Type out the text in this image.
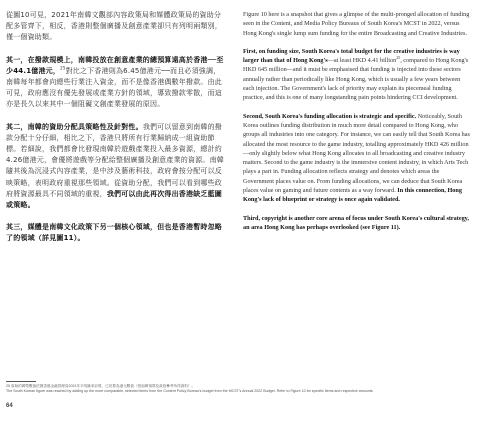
從圖10可見，2021年南韓文觀部內容政策局和媒體政策局的資助分配多管齊下，相反，香港則整個廣播及創意產業卻只有列明兩類別，僅一個資助類。

其一，在撥款規模上，南韓投放在創意產業的總預算遠高於香港──至少44.1億港元，$^{25}$對比之下香港則為6.45億港元──而且必須強調，南韓每年都會向總些行業注入資金，而不是像香港偶數年撥款。由此可見，政府應沒有優先發展或產業方針的領域，導致撥款零散，而這亦是長久以來其中一個阻礙文創產業發展的原因。

其二，南韓的資助分配具策略性及針對性。我們可以留意到南韓的撥款分配十分仔細，相比之下，香港只將所有行業歸納成一組資助節標。若細說，我們都會比發現南韓於遊戲產業投入最多資源，總計約4.26億港元，會優將遊戲等分配給整個廣播及創意產業的資源。南韓隨其後為沉浸式內容產業，是中涉及藝術科技，政府會按分配可以反映策略，表明政府重視那些領域。從資助分配，我們可以看到哪些政府將資源最具不同領域的重視，我們可以由此再次得出香港缺乏藍圖或策略。

其三，媒體是南韓文化政策下另一個核心領域，但也是香港暫時忽略了的領域（詳見圖11）。

Figure 10 here is a snapshot that gives a glimpse of the multi-pronged allocation of funding seen in the Content, and Media Policy Bureaus of South Korea's MCST in 2022, versus Hong Kong's single lump sum funding for the entire Broadcasting and Creative Industries.

First, on funding size, South Korea's total budget for the creative industries is way larger than that of Hong Kong's—at least HKD 4.41 billion$^{25}$, compared to Hong Kong's HKD 645 million—and it must be emphasised that funding is injected into these sectors annually rather than periodically like Hong Kong, which is usually a few years between each injection. The Government's lack of priority may explain its piecemeal funding practice, and this is one of many longstanding pain points hindering CCI development.

Second, South Korea's funding allocation is strategic and specific. Noticeably, South Korea outlines funding distribution in much more detail compared to Hong Kong, who groups all industries into one category. For instance, we can easily tell that South Korea has allocated the most resource to the game industry, totalling approximately HKD 426 million—only slightly below what Hong Kong allocates to all broadcasting and creative industry matters. Second to the game industry is the immersive content industry, in which Arts Tech plays a part in. Funding allocation reflects strategy and denotes which areas the Government places value on. From funding allocations, we can deduce that South Korea places value on gaming and future contents as a way forward. In this connection, Hong Kong's lack of blueprint or strategy is once again validated.

Third, copyright is another core arena of focus under South Korea's cultural strategy, an area Hong Kong has perhaps overlooked (see Figure 11).

25 原始的韓幣數值依據香港金融管理局2021年平均匯率計算，已折算為港元數值（按南韓預算及政府參考所得資料）。
The South Korean figure was reached by adding up the more comparable, selected items from the Content Policy Bureau's budget from the MCST's Annual 2022 Budget. Refer to Figure 10 for specific items and respective amounts.
64
